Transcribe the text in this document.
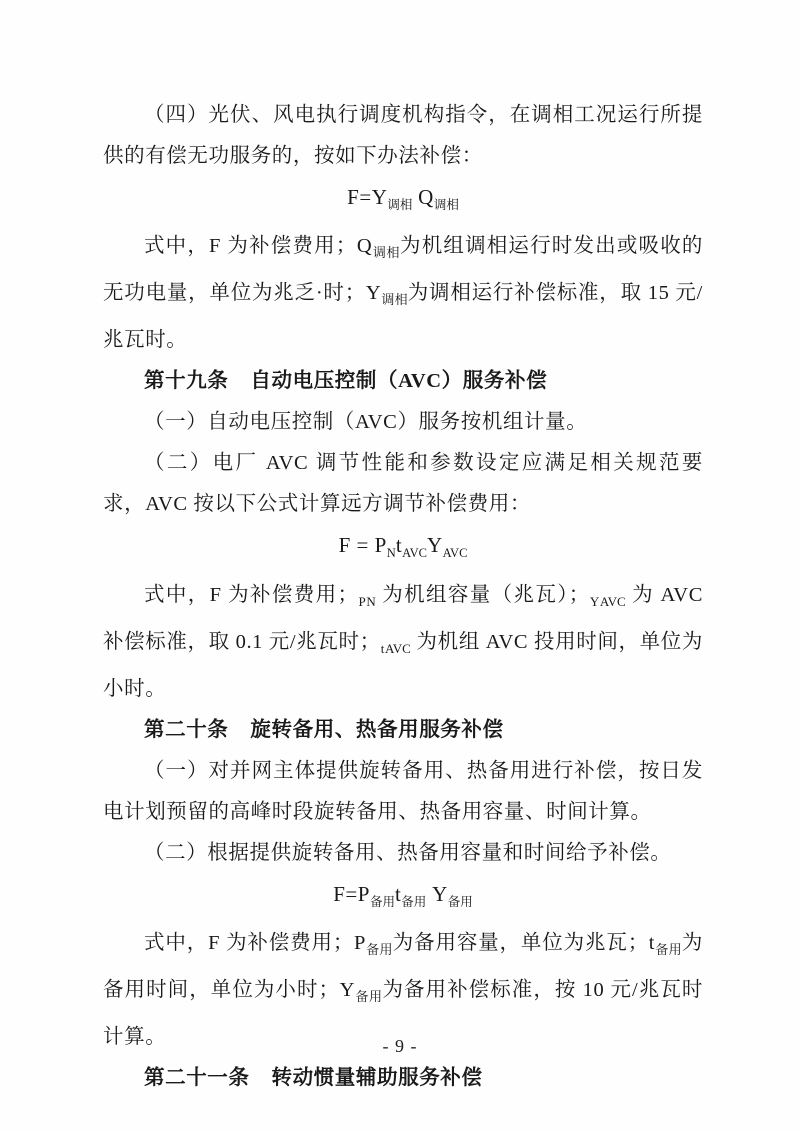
（四）光伏、风电执行调度机构指令，在调相工况运行所提供的有偿无功服务的，按如下办法补偿：

$F=Y_{调相}$ $Q_{调相}$

式中，F 为补偿费用；$Q_{调相}$为机组调相运行时发出或吸收的无功电量，单位为兆乏·时；$Y_{调相}$为调相运行补偿标准，取 15 元/兆瓦时。

第十九条 自动电压控制（AVC）服务补偿

（一）自动电压控制（AVC）服务按机组计量。

（二）电厂 AVC 调节性能和参数设定应满足相关规范要求，AVC 按以下公式计算远方调节补偿费用：

$F = P_Nt_{AVC}Y_{AVC}$

式中，F 为补偿费用；$_{PN}$ 为机组容量（兆瓦）；$_{YAVC}$ 为 AVC 补偿标准，取 0.1 元/兆瓦时；$_{tAVC}$ 为机组 AVC 投用时间，单位为小时。

第二十条 旋转备用、热备用服务补偿

（一）对并网主体提供旋转备用、热备用进行补偿，按日发电计划预留的高峰时段旋转备用、热备用容量、时间计算。

（二）根据提供旋转备用、热备用容量和时间给予补偿。

$F=P_{备用}t_{备用}$ $Y_{备用}$

式中，F 为补偿费用；$P_{备用}$为备用容量，单位为兆瓦；$t_{备用}$为备用时间，单位为小时；$Y_{备用}$为备用补偿标准，按 10 元/兆瓦时计算。

第二十一条 转动惯量辅助服务补偿

- 9 -
